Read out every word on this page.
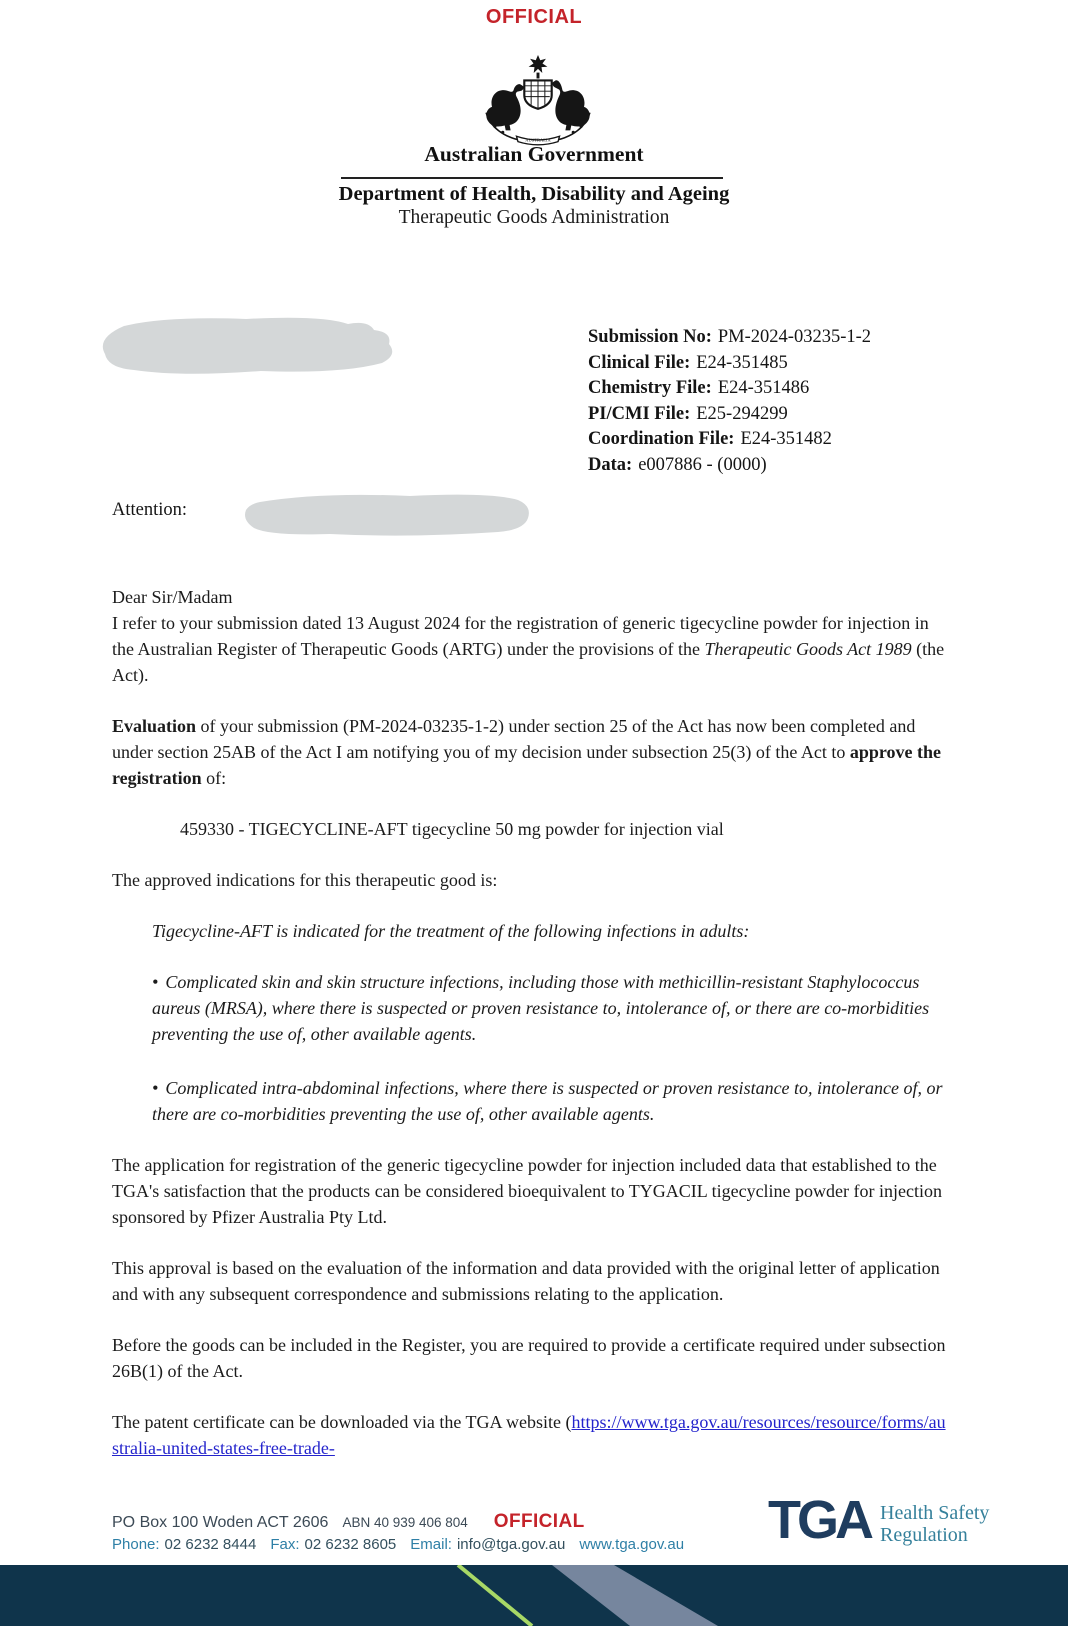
OFFICIAL
AUSTRALIA
Australian Government
Department of Health, Disability and Ageing
Therapeutic Goods Administration
Submission No: PM-2024-03235-1-2
Clinical File: E24-351485
Chemistry File: E24-351486
PI/CMI File: E25-294299
Coordination File: E24-351482
Data: e007886 - (0000)
Attention:
Dear Sir/Madam
I refer to your submission dated 13 August 2024 for the registration of generic tigecycline powder for injection in the Australian Register of Therapeutic Goods (ARTG) under the provisions of the Therapeutic Goods Act 1989 (the Act).
Evaluation of your submission (PM-2024-03235-1-2) under section 25 of the Act has now been completed and under section 25AB of the Act I am notifying you of my decision under subsection 25(3) of the Act to approve the registration of:
459330 - TIGECYCLINE-AFT tigecycline 50 mg powder for injection vial
The approved indications for this therapeutic good is:
Tigecycline-AFT is indicated for the treatment of the following infections in adults:
• Complicated skin and skin structure infections, including those with methicillin-resistant Staphylococcus aureus (MRSA), where there is suspected or proven resistance to, intolerance of, or there are co-morbidities preventing the use of, other available agents.
• Complicated intra-abdominal infections, where there is suspected or proven resistance to, intolerance of, or there are co-morbidities preventing the use of, other available agents.
The application for registration of the generic tigecycline powder for injection included data that established to the TGA's satisfaction that the products can be considered bioequivalent to TYGACIL tigecycline powder for injection sponsored by Pfizer Australia Pty Ltd.
This approval is based on the evaluation of the information and data provided with the original letter of application and with any subsequent correspondence and submissions relating to the application.
Before the goods can be included in the Register, you are required to provide a certificate required under subsection 26B(1) of the Act.
The patent certificate can be downloaded via the TGA website (https://www.tga.gov.au/resources/resource/forms/australia-united-states-free-trade-
PO Box 100 Woden ACT 2606 ABN 40 939 406 804 OFFICIAL
Phone: 02 6232 8444 Fax: 02 6232 8605 Email: info@tga.gov.au www.tga.gov.au TGA Health Safety
Regulation
